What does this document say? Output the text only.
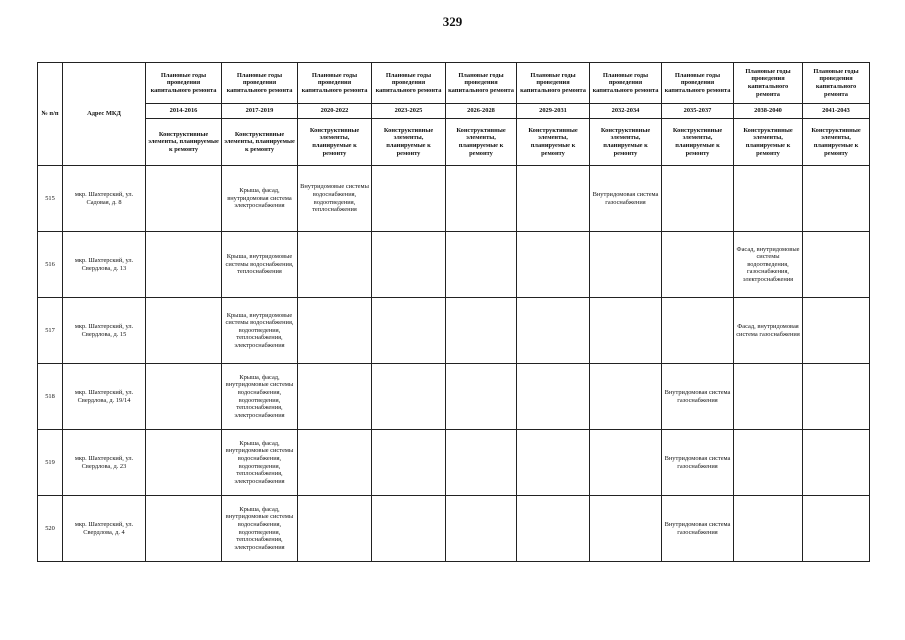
329
№ п/п	Адрес МКД	Плановые годы проведения капитального ремонта	Плановые годы проведения капитального ремонта	Плановые годы проведения капитального ремонта	Плановые годы проведения капитального ремонта	Плановые годы проведения капитального ремонта	Плановые годы проведения капитального ремонта	Плановые годы проведения капитального ремонта	Плановые годы проведения капитального ремонта	Плановые годы проведения капитального ремонта	Плановые годы проведения капитального ремонта
		2014-2016	2017-2019	2020-2022	2023-2025	2026-2028	2029-2031	2032-2034	2035-2037	2038-2040	2041-2043
		Конструктивные элементы, планируемые к ремонту	Конструктивные элементы, планируемые к ремонту	Конструктивные элементы, планируемые к ремонту	Конструктивные элементы, планируемые к ремонту	Конструктивные элементы, планируемые к ремонту	Конструктивные элементы, планируемые к ремонту	Конструктивные элементы, планируемые к ремонту	Конструктивные элементы, планируемые к ремонту	Конструктивные элементы, планируемые к ремонту	Конструктивные элементы, планируемые к ремонту
515	мкр. Шахтерский, ул. Садовая, д. 8		Крыша, фасад, внутридомовая система электроснабжения	Внутридомовые системы водоснабжения, водоотведения, теплоснабжения				Внутридомовая система газоснабжения			
516	мкр. Шахтерский, ул. Свердлова, д. 13		Крыша, внутридомовые системы водоснабжения, теплоснабжения							Фасад, внутридомовые системы водоотведения, газоснабжения, электроснабжения	
517	мкр. Шахтерский, ул. Свердлова, д. 15		Крыша, внутридомовые системы водоснабжения, водоотведения, теплоснабжения, электроснабжения							Фасад, внутридомовая система газоснабжения	
518	мкр. Шахтерский, ул. Свердлова, д. 19/14		Крыша, фасад, внутридомовые системы водоснабжения, водоотведения, теплоснабжения, электроснабжения						Внутридомовая система газоснабжения		
519	мкр. Шахтерский, ул. Свердлова, д. 23		Крыша, фасад, внутридомовые системы водоснабжения, водоотведения, теплоснабжения, электроснабжения						Внутридомовая система газоснабжения		
520	мкр. Шахтерский, ул. Свердлова, д. 4		Крыша, фасад, внутридомовые системы водоснабжения, водоотведения, теплоснабжения, электроснабжения						Внутридомовая система газоснабжения		
